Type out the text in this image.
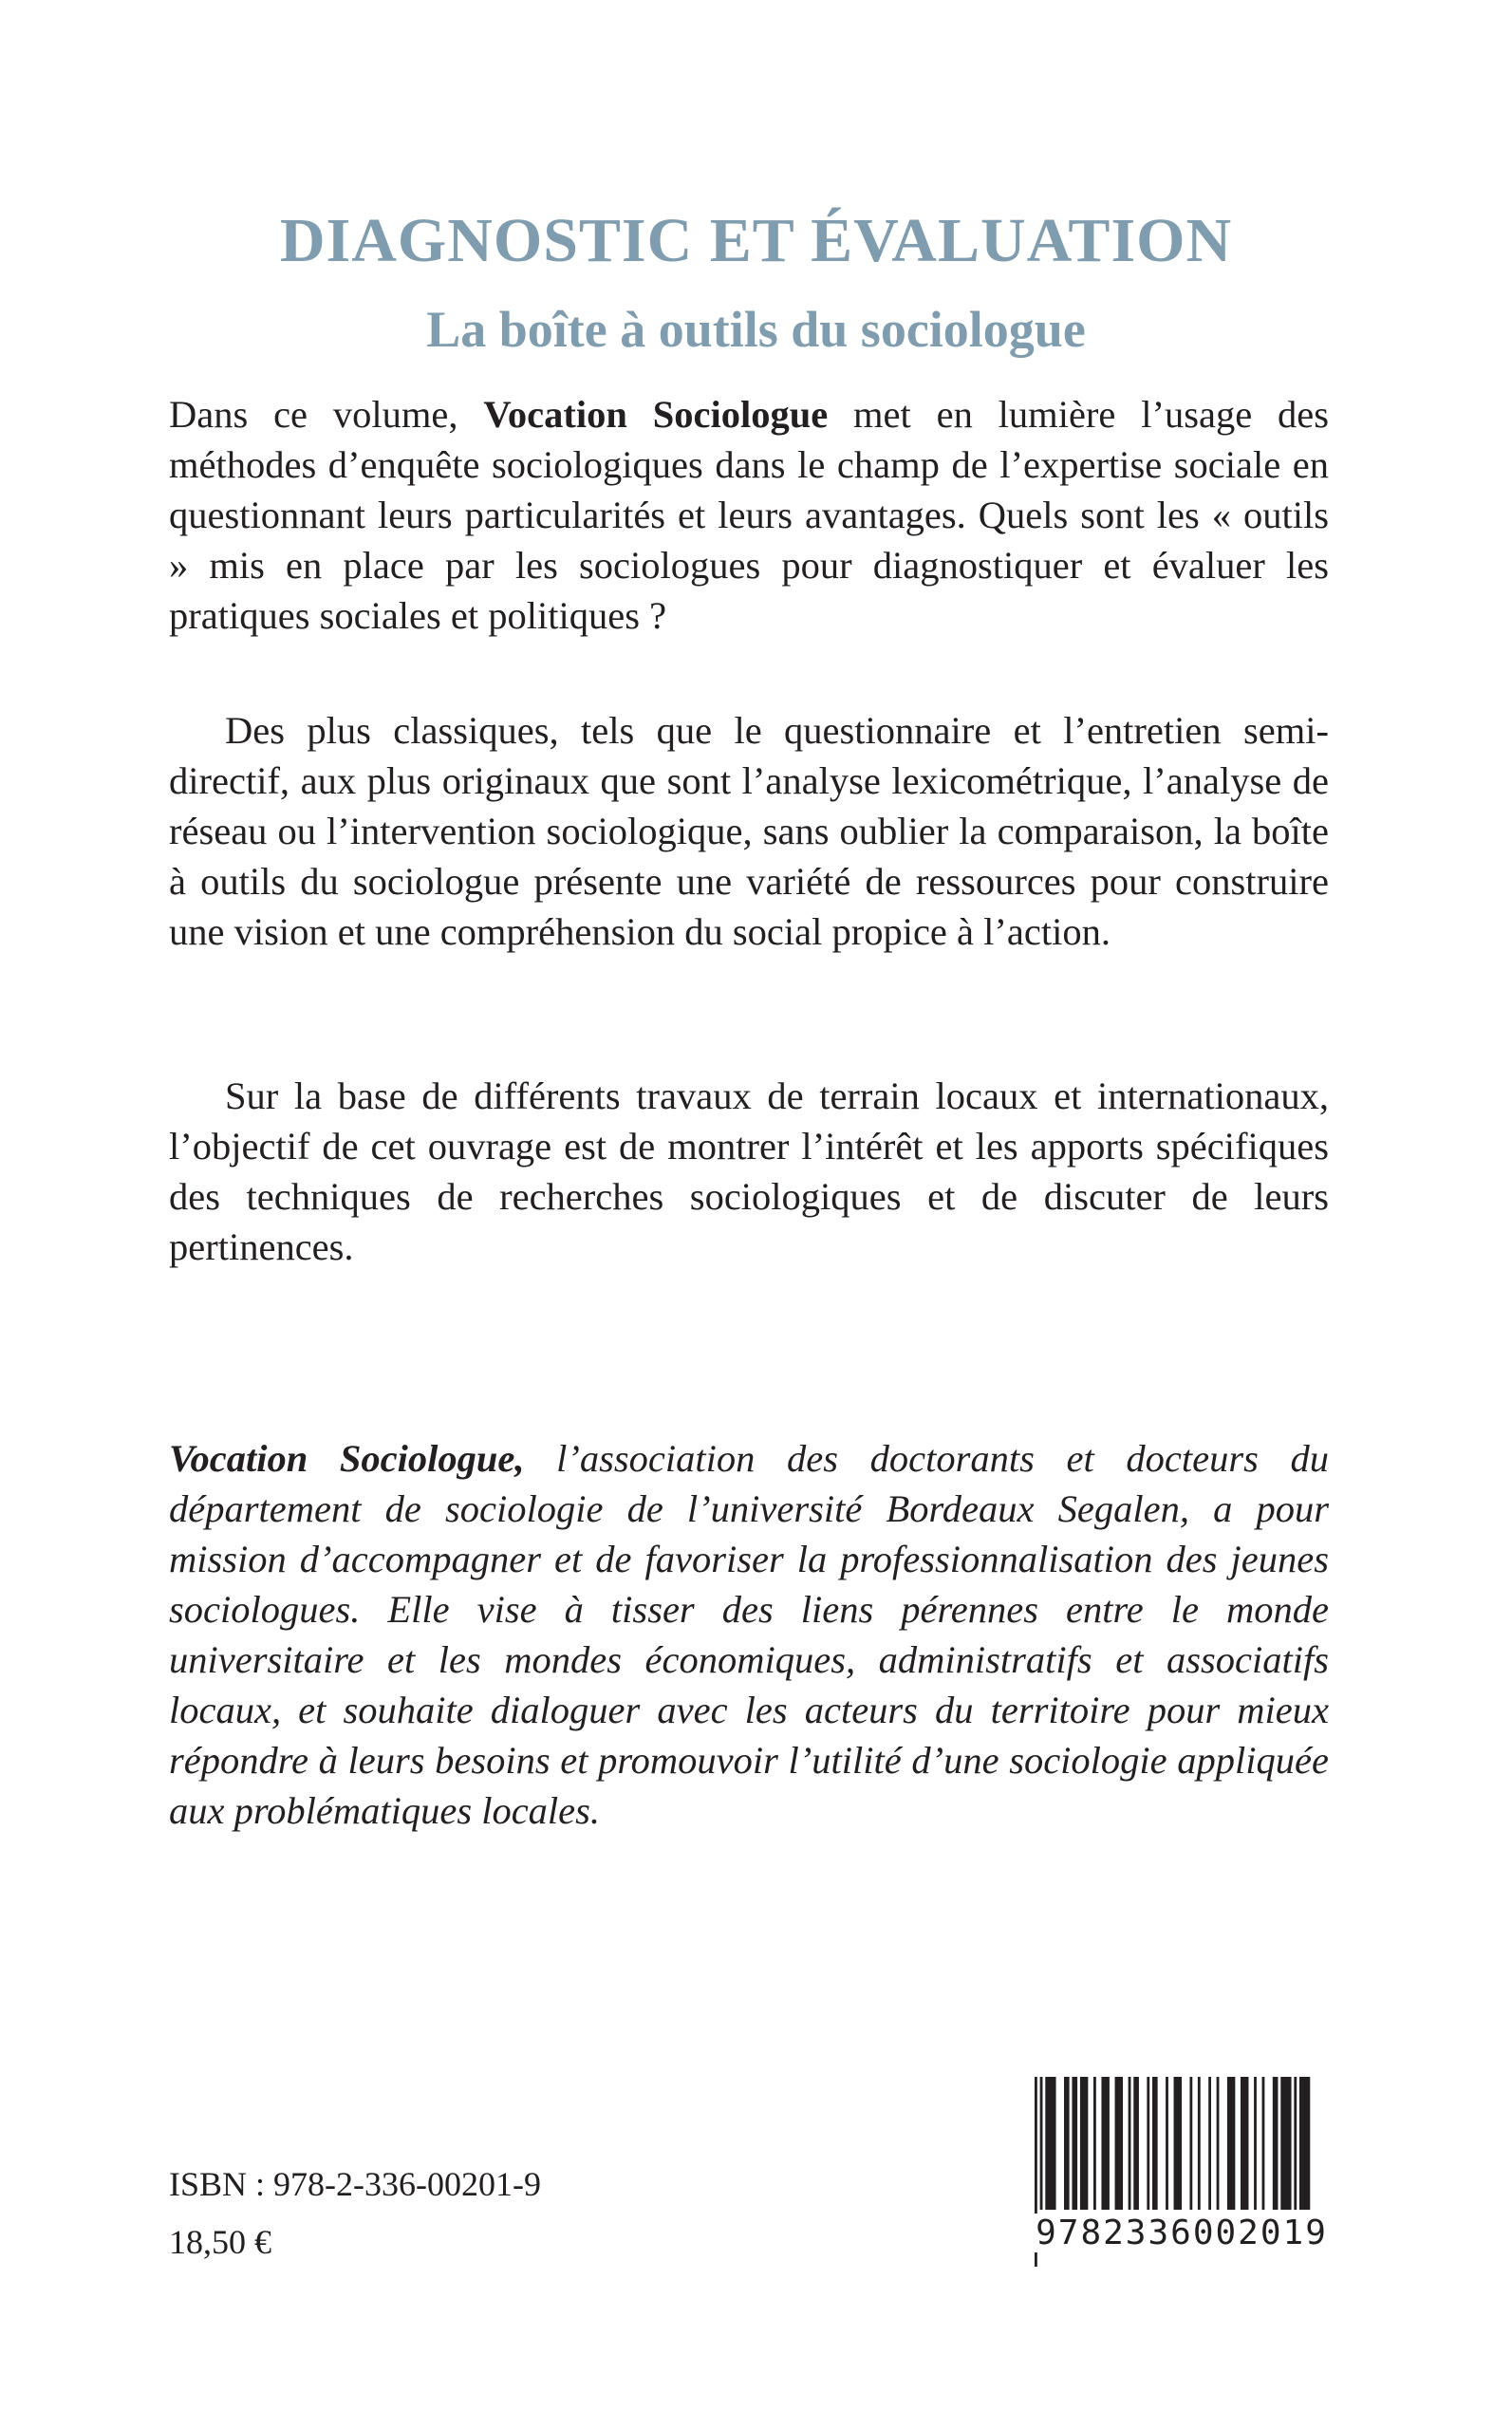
DIAGNOSTIC ET ÉVALUATION
La boîte à outils du sociologue

Dans ce volume, Vocation Sociologue met en lumière l’usage des méthodes d’enquête sociologiques dans le champ de l’expertise sociale en questionnant leurs particularités et leurs avantages. Quels sont les « outils » mis en place par les sociologues pour diagnostiquer et évaluer les pratiques sociales et politiques ?

Des plus classiques, tels que le questionnaire et l’entretien semi-directif, aux plus originaux que sont l’analyse lexicométrique, l’analyse de réseau ou l’intervention sociologique, sans oublier la comparaison, la boîte à outils du sociologue présente une variété de ressources pour construire une vision et une compréhension du social propice à l’action.

Sur la base de différents travaux de terrain locaux et internationaux, l’objectif de cet ouvrage est de montrer l’intérêt et les apports spécifiques des techniques de recherches sociologiques et de discuter de leurs pertinences.

Vocation Sociologue, l’association des doctorants et docteurs du département de sociologie de l’université Bordeaux Segalen, a pour mission d’accompagner et de favoriser la professionnalisation des jeunes sociologues. Elle vise à tisser des liens pérennes entre le monde universitaire et les mondes économiques, administratifs et associatifs locaux, et souhaite dialoguer avec les acteurs du territoire pour mieux répondre à leurs besoins et promouvoir l’utilité d’une sociologie appliquée aux problématiques locales.

ISBN : 978-2-336-00201-9

18,50 €	9782336002019
